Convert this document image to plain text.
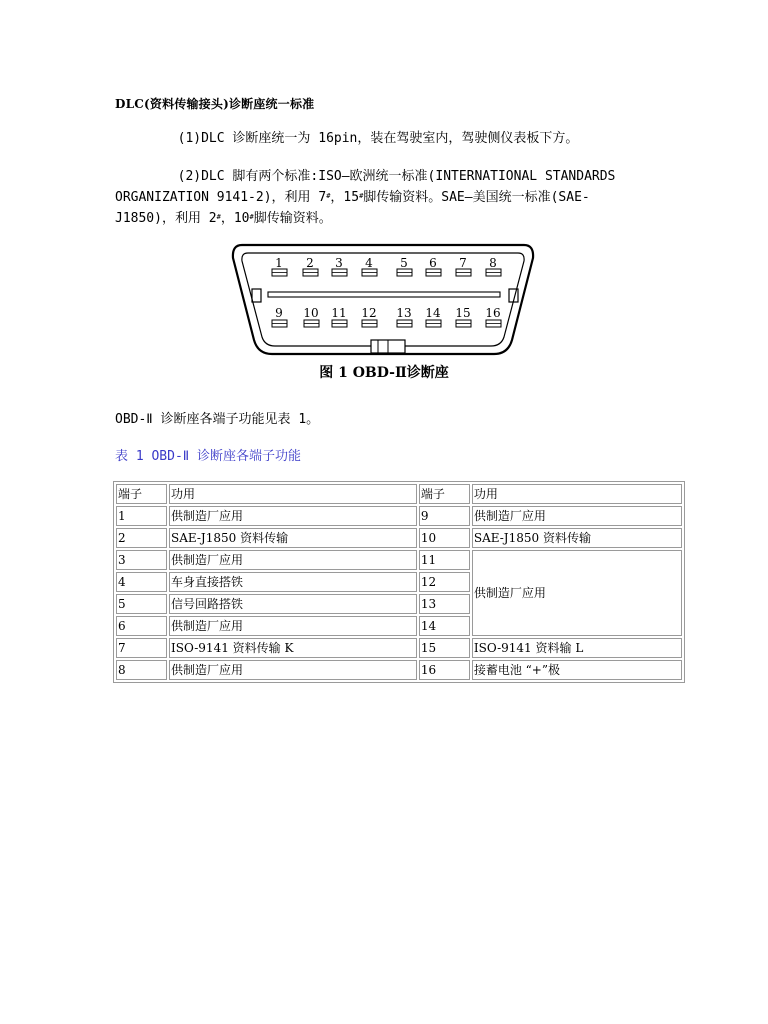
DLC(资料传输接头)诊断座统一标准
(1)DLC 诊断座统一为 16pin，装在驾驶室内，驾驶侧仪表板下方。
(2)DLC 脚有两个标准:ISO—欧洲统一标准(INTERNATIONAL STANDARDS
ORGANIZATION 9141-2)，利用 7#，15#脚传输资料。SAE—美国统一标准(SAE-
J1850)，利用 2#，10#脚传输资料。
1 2 3 4 5 6 7 8
9 10 11 12 13 14 15 16
图 1 OBD-Ⅱ诊断座
OBD-Ⅱ 诊断座各端子功能见表 1。
表 1 OBD-Ⅱ 诊断座各端子功能
端子	功用	端子	功用
1	供制造厂应用	9	供制造厂应用
2	SAE-J1850 资料传输	10	SAE-J1850 资料传输
3	供制造厂应用	11	供制造厂应用
4	车身直接搭铁	12	
5	信号回路搭铁	13	
6	供制造厂应用	14	
7	ISO-9141 资料传输 K	15	ISO-9141 资料输 L
8	供制造厂应用	16	接蓄电池 “+”极
